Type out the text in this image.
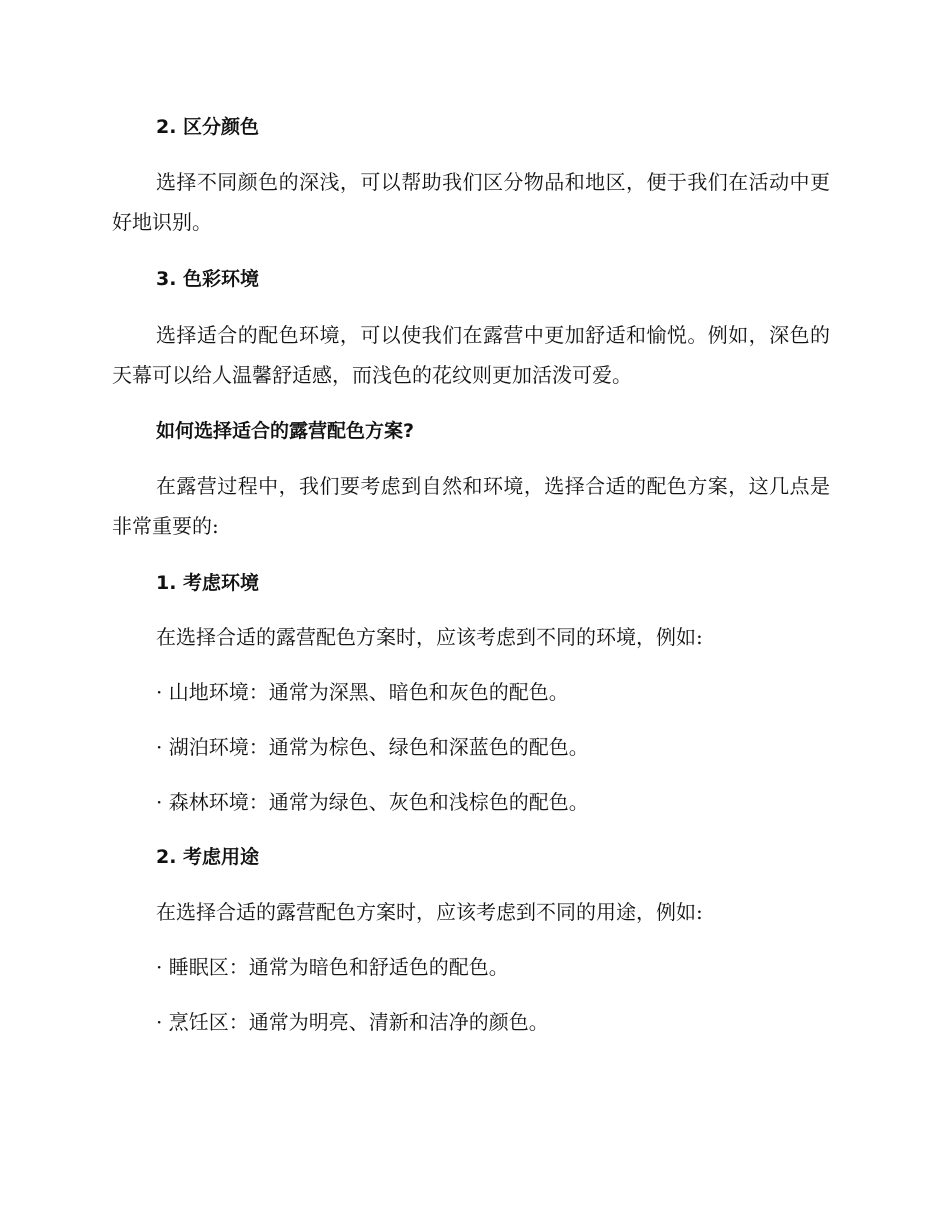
2. 区分颜色

选择不同颜色的深浅，可以帮助我们区分物品和地区，便于我们在活动中更好地识别。

3. 色彩环境

选择适合的配色环境，可以使我们在露营中更加舒适和愉悦。例如，深色的天幕可以给人温馨舒适感，而浅色的花纹则更加活泼可爱。

如何选择适合的露营配色方案?

在露营过程中，我们要考虑到自然和环境，选择合适的配色方案，这几点是非常重要的:

1. 考虑环境

在选择合适的露营配色方案时，应该考虑到不同的环境，例如:

· 山地环境：通常为深黑、暗色和灰色的配色。

· 湖泊环境：通常为棕色、绿色和深蓝色的配色。

· 森林环境：通常为绿色、灰色和浅棕色的配色。

2. 考虑用途

在选择合适的露营配色方案时，应该考虑到不同的用途，例如:

· 睡眠区：通常为暗色和舒适色的配色。

· 烹饪区：通常为明亮、清新和洁净的颜色。
